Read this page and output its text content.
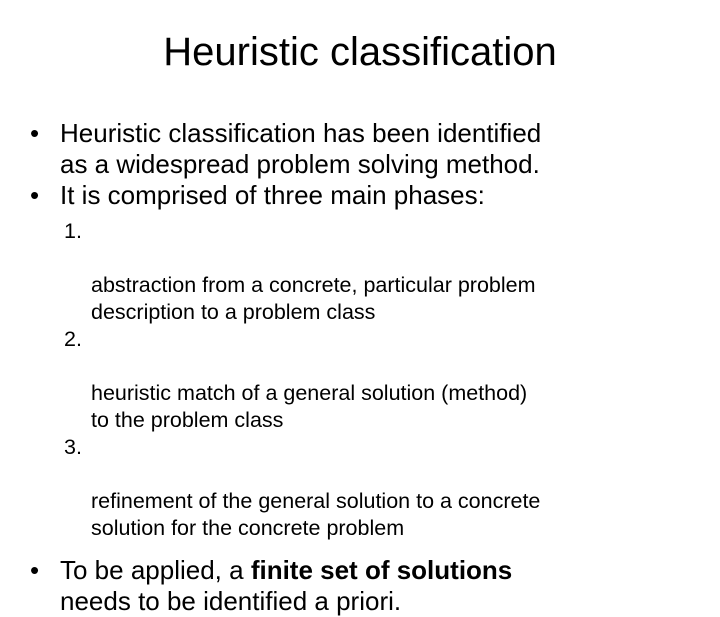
Heuristic classification
• Heuristic classification has been identified
as a widespread problem solving method.
• It is comprised of three main phases:

1.

abstraction from a concrete, particular problem
description to a problem class

2.

heuristic match of a general solution (method)
to the problem class

3.

refinement of the general solution to a concrete
solution for the concrete problem

• To be applied, a finite set of solutions
needs to be identified a priori.
